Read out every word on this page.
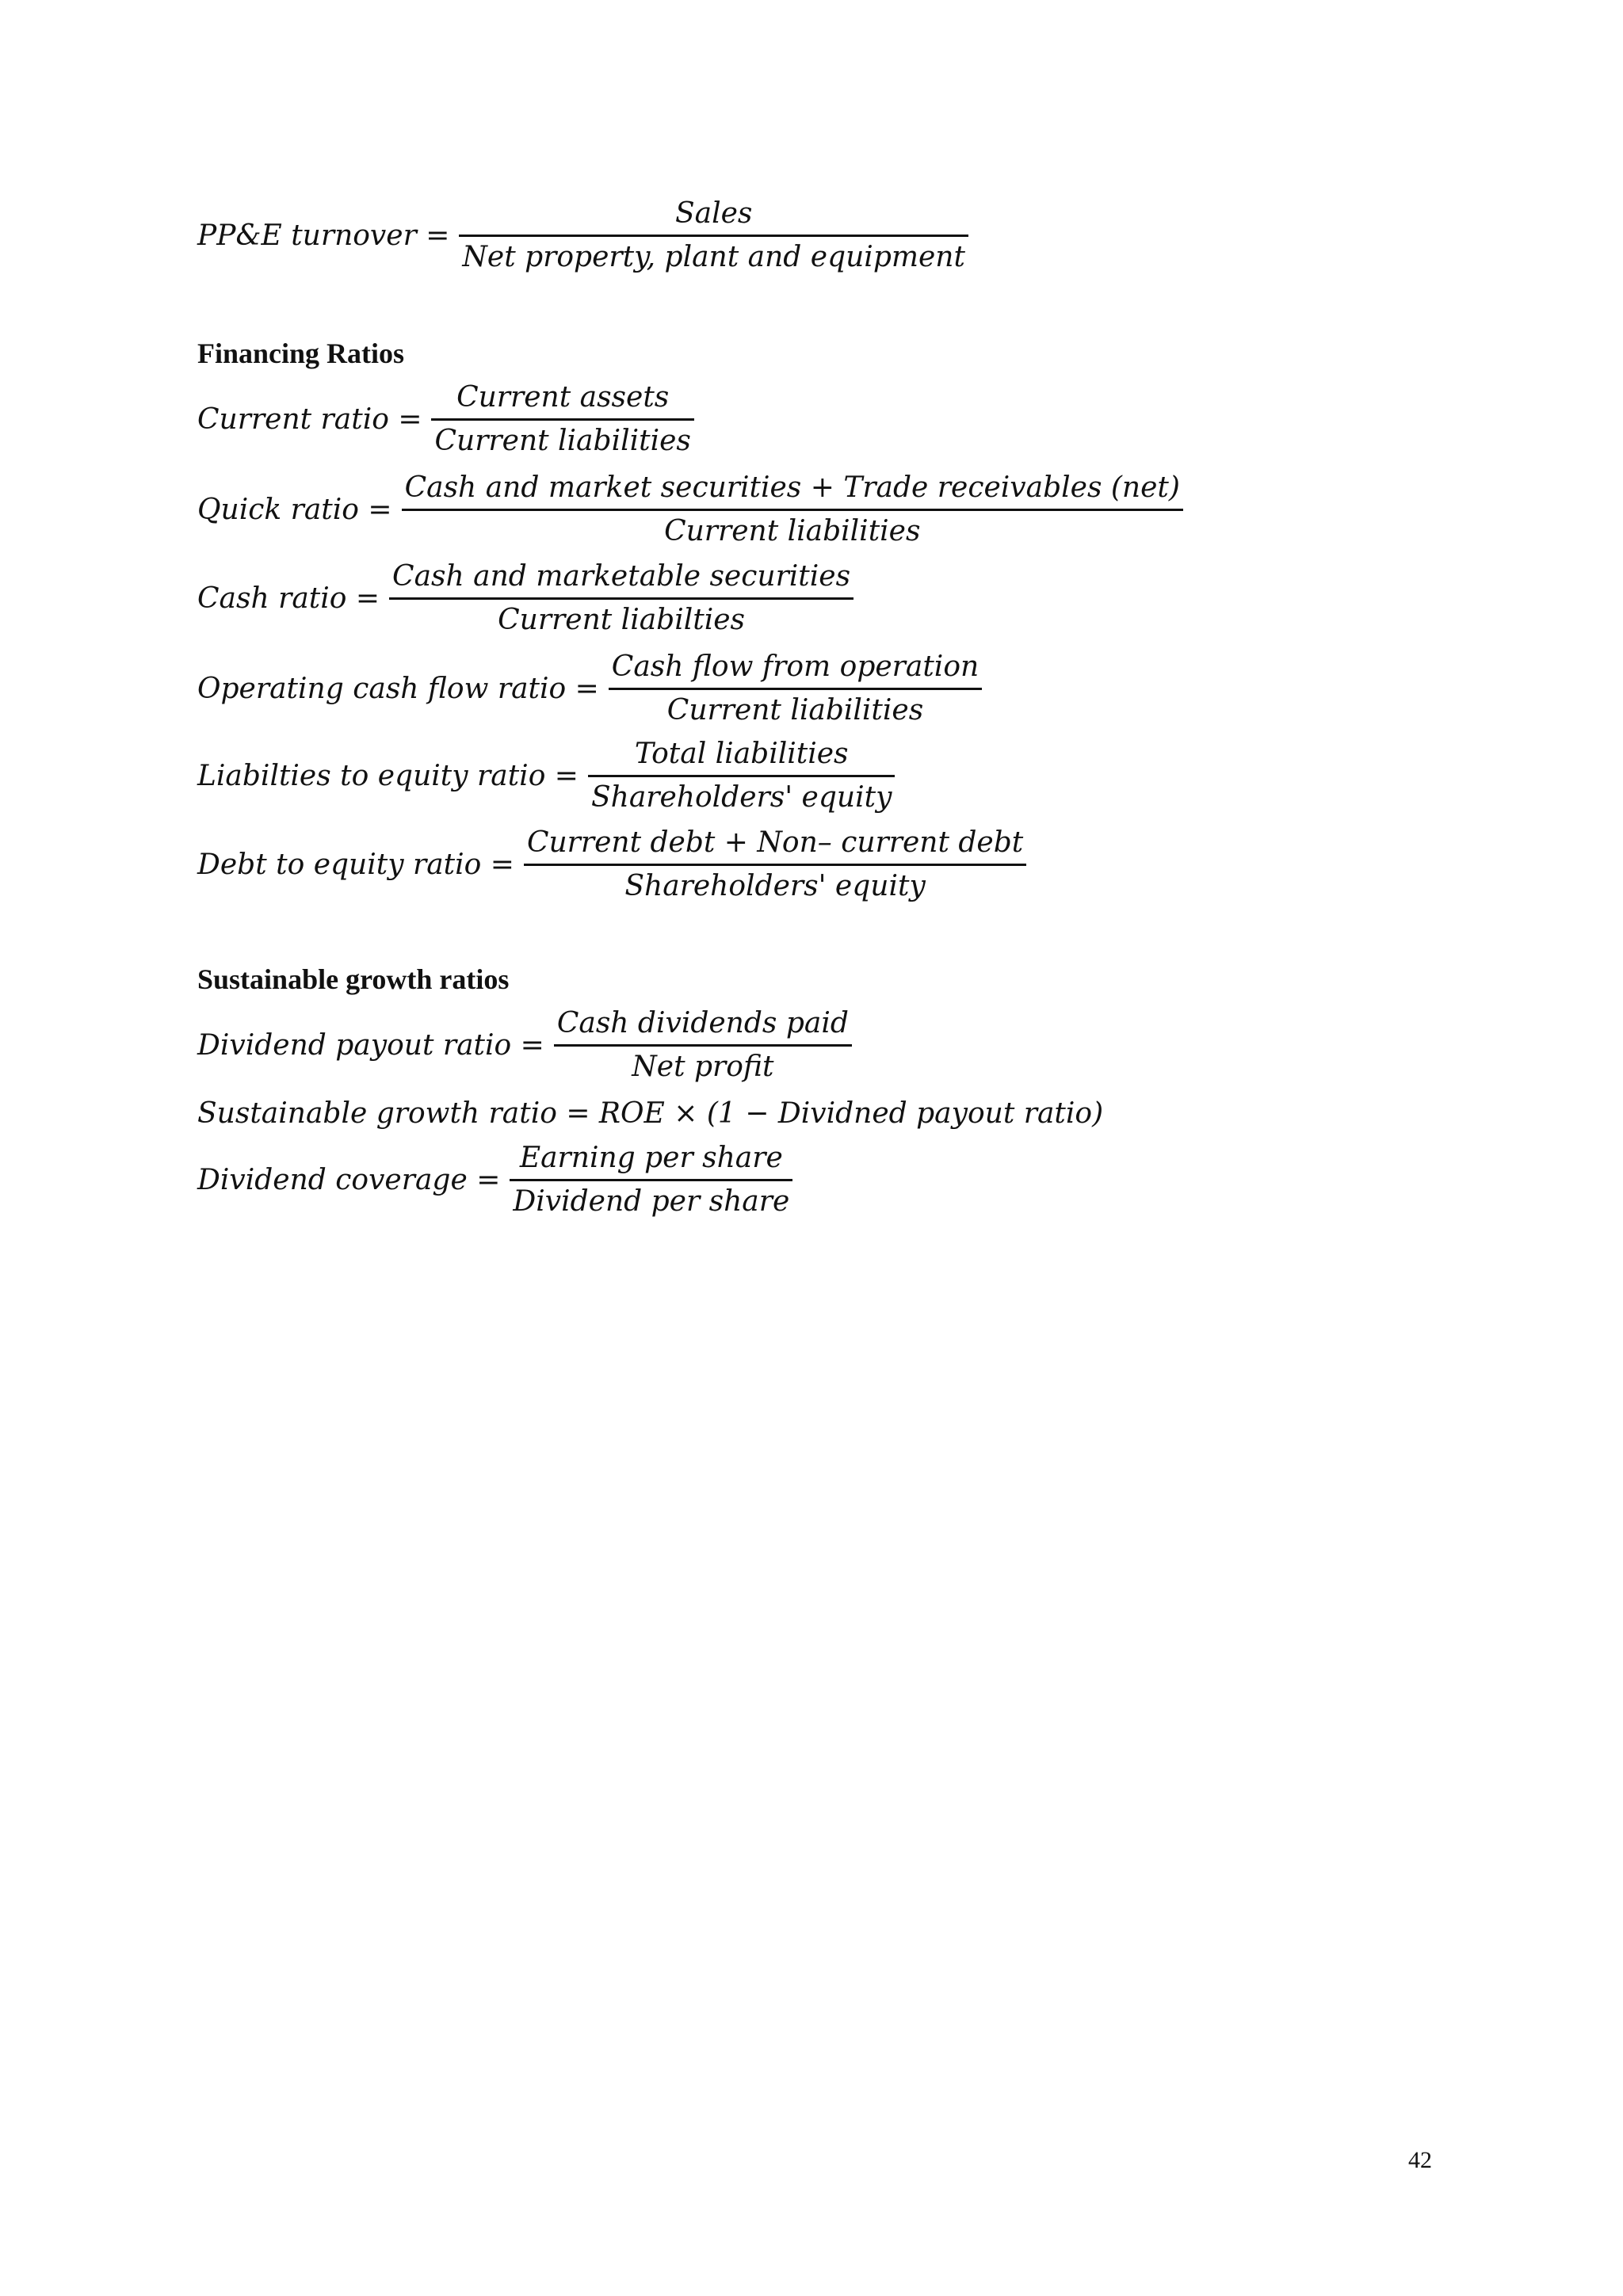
PP&E turnover = $\frac{\text{Sales}}{\text{Net property, plant and equipment}}$
Financing Ratios
Current ratio = $\frac{\text{Current assets}}{\text{Current liabilities}}$
Quick ratio = $\frac{\text{Cash and market securities + Trade receivables (net)}}{\text{Current liabilities}}$
Cash ratio = $\frac{\text{Cash and marketable securities}}{\text{Current liabilties}}$
Operating cash flow ratio = $\frac{\text{Cash flow from operation}}{\text{Current liabilities}}$
Liabilties to equity ratio = $\frac{\text{Total liabilities}}{\text{Shareholders' equity}}$
Debt to equity ratio = $\frac{\text{Current debt + Non– current debt}}{\text{Shareholders' equity}}$
Sustainable growth ratios
Dividend payout ratio = $\frac{\text{Cash dividends paid}}{\text{Net profit}}$
Sustainable growth ratio = ROE × (1 − Dividned payout ratio)
Dividend coverage = $\frac{\text{Earning per share}}{\text{Dividend per share}}$
42
